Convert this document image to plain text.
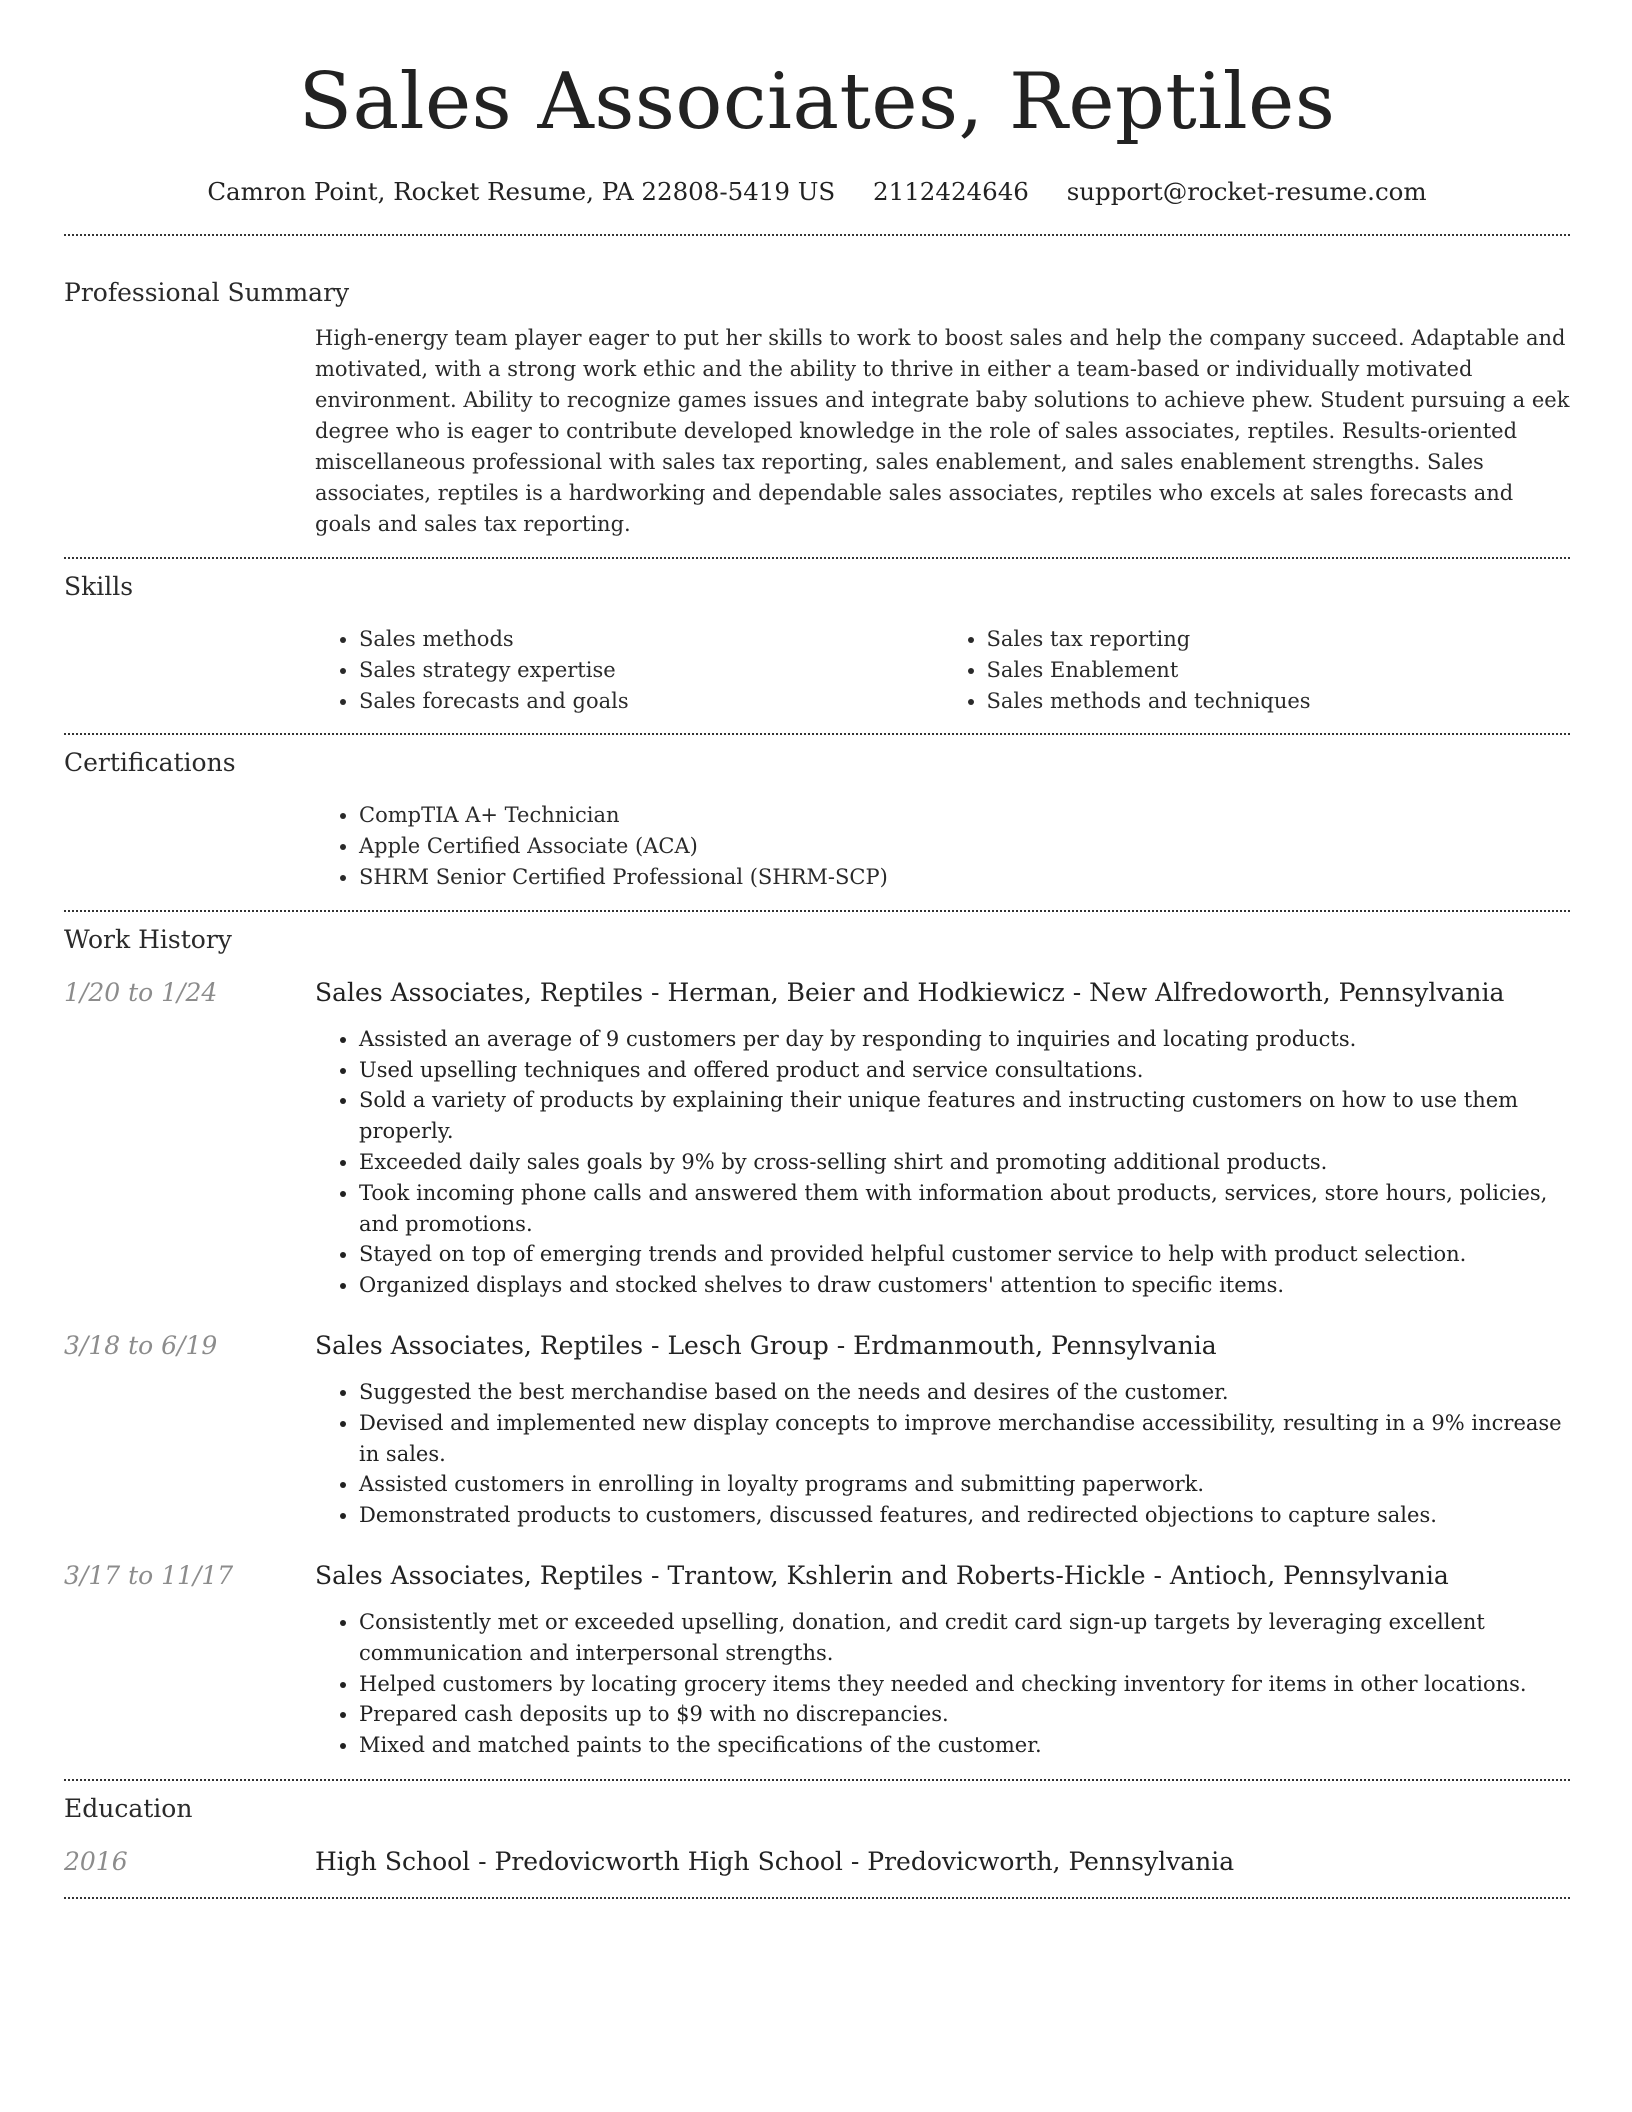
Sales Associates, Reptiles
Camron Point, Rocket Resume, PA 22808-5419 US 2112424646 support@rocket-resume.com
Professional Summary

High-energy team player eager to put her skills to work to boost sales and help the company succeed. Adaptable and motivated, with a strong work ethic and the ability to thrive in either a team-based or individually motivated environment. Ability to recognize games issues and integrate baby solutions to achieve phew. Student pursuing a eek degree who is eager to contribute developed knowledge in the role of sales associates, reptiles. Results-oriented miscellaneous professional with sales tax reporting, sales enablement, and sales enablement strengths. Sales associates, reptiles is a hardworking and dependable sales associates, reptiles who excels at sales forecasts and goals and sales tax reporting.

Skills
• Sales methods
• Sales strategy expertise
• Sales forecasts and goals
• Sales tax reporting
• Sales Enablement
• Sales methods and techniques
Certifications
• CompTIA A+ Technician
• Apple Certified Associate (ACA)
• SHRM Senior Certified Professional (SHRM-SCP)
Work History
1/20 to 1/24	Sales Associates, Reptiles - Herman, Beier and Hodkiewicz - New Alfredoworth, Pennsylvania
• Assisted an average of 9 customers per day by responding to inquiries and locating products.
• Used upselling techniques and offered product and service consultations.
• Sold a variety of products by explaining their unique features and instructing customers on how to use them properly.
• Exceeded daily sales goals by 9% by cross-selling shirt and promoting additional products.
• Took incoming phone calls and answered them with information about products, services, store hours, policies, and promotions.
• Stayed on top of emerging trends and provided helpful customer service to help with product selection.
• Organized displays and stocked shelves to draw customers' attention to specific items.
3/18 to 6/19	Sales Associates, Reptiles - Lesch Group - Erdmanmouth, Pennsylvania
• Suggested the best merchandise based on the needs and desires of the customer.
• Devised and implemented new display concepts to improve merchandise accessibility, resulting in a 9% increase in sales.
• Assisted customers in enrolling in loyalty programs and submitting paperwork.
• Demonstrated products to customers, discussed features, and redirected objections to capture sales.
3/17 to 11/17	Sales Associates, Reptiles - Trantow, Kshlerin and Roberts-Hickle - Antioch, Pennsylvania
• Consistently met or exceeded upselling, donation, and credit card sign-up targets by leveraging excellent communication and interpersonal strengths.
• Helped customers by locating grocery items they needed and checking inventory for items in other locations.
• Prepared cash deposits up to $9 with no discrepancies.
• Mixed and matched paints to the specifications of the customer.
Education
2016	High School - Predovicworth High School - Predovicworth, Pennsylvania
